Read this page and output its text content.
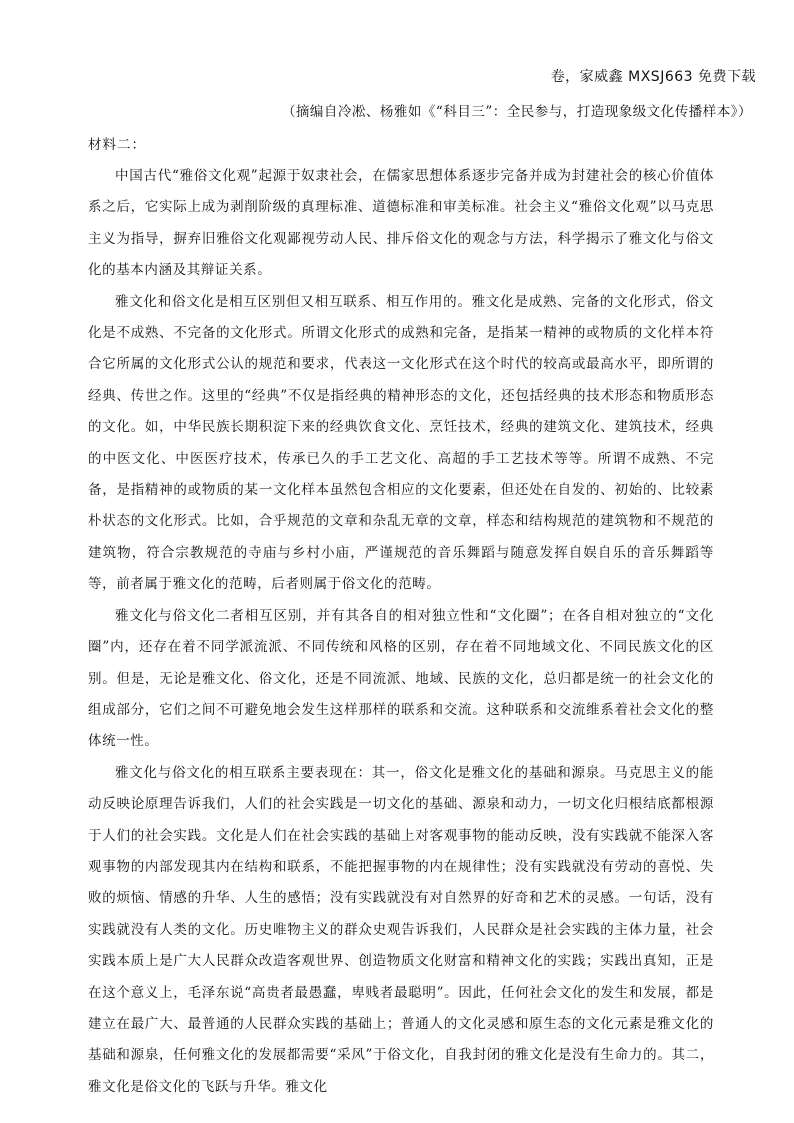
卷，家威鑫 MXSJ663 免费下载
（摘编自冷凇、杨雅如《“科目三”：全民参与，打造现象级文化传播样本》）

材料二：

中国古代“雅俗文化观”起源于奴隶社会，在儒家思想体系逐步完备并成为封建社会的核心价值体系之后，它实际上成为剥削阶级的真理标准、道德标准和审美标准。社会主义“雅俗文化观”以马克思主义为指导，摒弃旧雅俗文化观鄙视劳动人民、排斥俗文化的观念与方法，科学揭示了雅文化与俗文化的基本内涵及其辩证关系。

雅文化和俗文化是相互区别但又相互联系、相互作用的。雅文化是成熟、完备的文化形式，俗文化是不成熟、不完备的文化形式。所谓文化形式的成熟和完备，是指某一精神的或物质的文化样本符合它所属的文化形式公认的规范和要求，代表这一文化形式在这个时代的较高或最高水平，即所谓的经典、传世之作。这里的“经典”不仅是指经典的精神形态的文化，还包括经典的技术形态和物质形态的文化。如，中华民族长期积淀下来的经典饮食文化、烹饪技术，经典的建筑文化、建筑技术，经典的中医文化、中医医疗技术，传承已久的手工艺文化、高超的手工艺技术等等。所谓不成熟、不完备，是指精神的或物质的某一文化样本虽然包含相应的文化要素，但还处在自发的、初始的、比较素朴状态的文化形式。比如，合乎规范的文章和杂乱无章的文章，样态和结构规范的建筑物和不规范的建筑物，符合宗教规范的寺庙与乡村小庙，严谨规范的音乐舞蹈与随意发挥自娱自乐的音乐舞蹈等等，前者属于雅文化的范畴，后者则属于俗文化的范畴。

雅文化与俗文化二者相互区别，并有其各自的相对独立性和“文化圈”；在各自相对独立的“文化圈”内，还存在着不同学派流派、不同传统和风格的区别，存在着不同地域文化、不同民族文化的区别。但是，无论是雅文化、俗文化，还是不同流派、地域、民族的文化，总归都是统一的社会文化的组成部分，它们之间不可避免地会发生这样那样的联系和交流。这种联系和交流维系着社会文化的整体统一性。

雅文化与俗文化的相互联系主要表现在：其一，俗文化是雅文化的基础和源泉。马克思主义的能动反映论原理告诉我们，人们的社会实践是一切文化的基础、源泉和动力，一切文化归根结底都根源于人们的社会实践。文化是人们在社会实践的基础上对客观事物的能动反映，没有实践就不能深入客观事物的内部发现其内在结构和联系，不能把握事物的内在规律性；没有实践就没有劳动的喜悦、失败的烦恼、情感的升华、人生的感悟；没有实践就没有对自然界的好奇和艺术的灵感。一句话，没有实践就没有人类的文化。历史唯物主义的群众史观告诉我们，人民群众是社会实践的主体力量，社会实践本质上是广大人民群众改造客观世界、创造物质文化财富和精神文化的实践；实践出真知，正是在这个意义上，毛泽东说“高贵者最愚蠢，卑贱者最聪明”。因此，任何社会文化的发生和发展，都是建立在最广大、最普通的人民群众实践的基础上；普通人的文化灵感和原生态的文化元素是雅文化的基础和源泉，任何雅文化的发展都需要“采风”于俗文化，自我封闭的雅文化是没有生命力的。其二，雅文化是俗文化的飞跃与升华。雅文化
